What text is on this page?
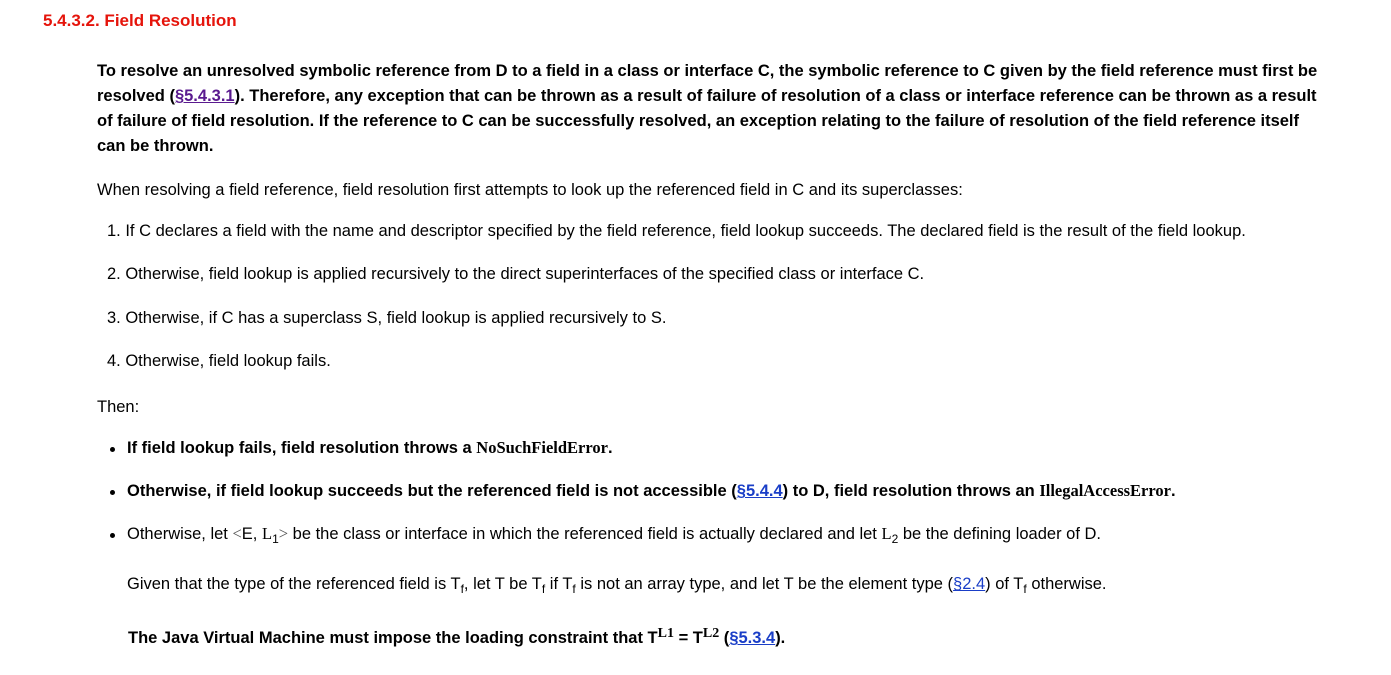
5.4.3.2. Field Resolution
To resolve an unresolved symbolic reference from D to a field in a class or interface C, the symbolic reference to C given by the field reference must first be resolved (§5.4.3.1). Therefore, any exception that can be thrown as a result of failure of resolution of a class or interface reference can be thrown as a result of failure of field resolution. If the reference to C can be successfully resolved, an exception relating to the failure of resolution of the field reference itself can be thrown.
When resolving a field reference, field resolution first attempts to look up the referenced field in C and its superclasses:
1. If C declares a field with the name and descriptor specified by the field reference, field lookup succeeds. The declared field is the result of the field lookup.
2. Otherwise, field lookup is applied recursively to the direct superinterfaces of the specified class or interface C.
3. Otherwise, if C has a superclass S, field lookup is applied recursively to S.
4. Otherwise, field lookup fails.
Then:
If field lookup fails, field resolution throws a NoSuchFieldError.
Otherwise, if field lookup succeeds but the referenced field is not accessible (§5.4.4) to D, field resolution throws an IllegalAccessError.
Otherwise, let <E, $L_1>$ be the class or interface in which the referenced field is actually declared and let $L_2$ be the defining loader of D.
Given that the type of the referenced field is $T_f$, let T be $T_f$ if $T_f$ is not an array type, and let T be the element type (§2.4) of $T_f$ otherwise.
The Java Virtual Machine must impose the loading constraint that $T^{L1} = T^{L2}$ (§5.3.4).
